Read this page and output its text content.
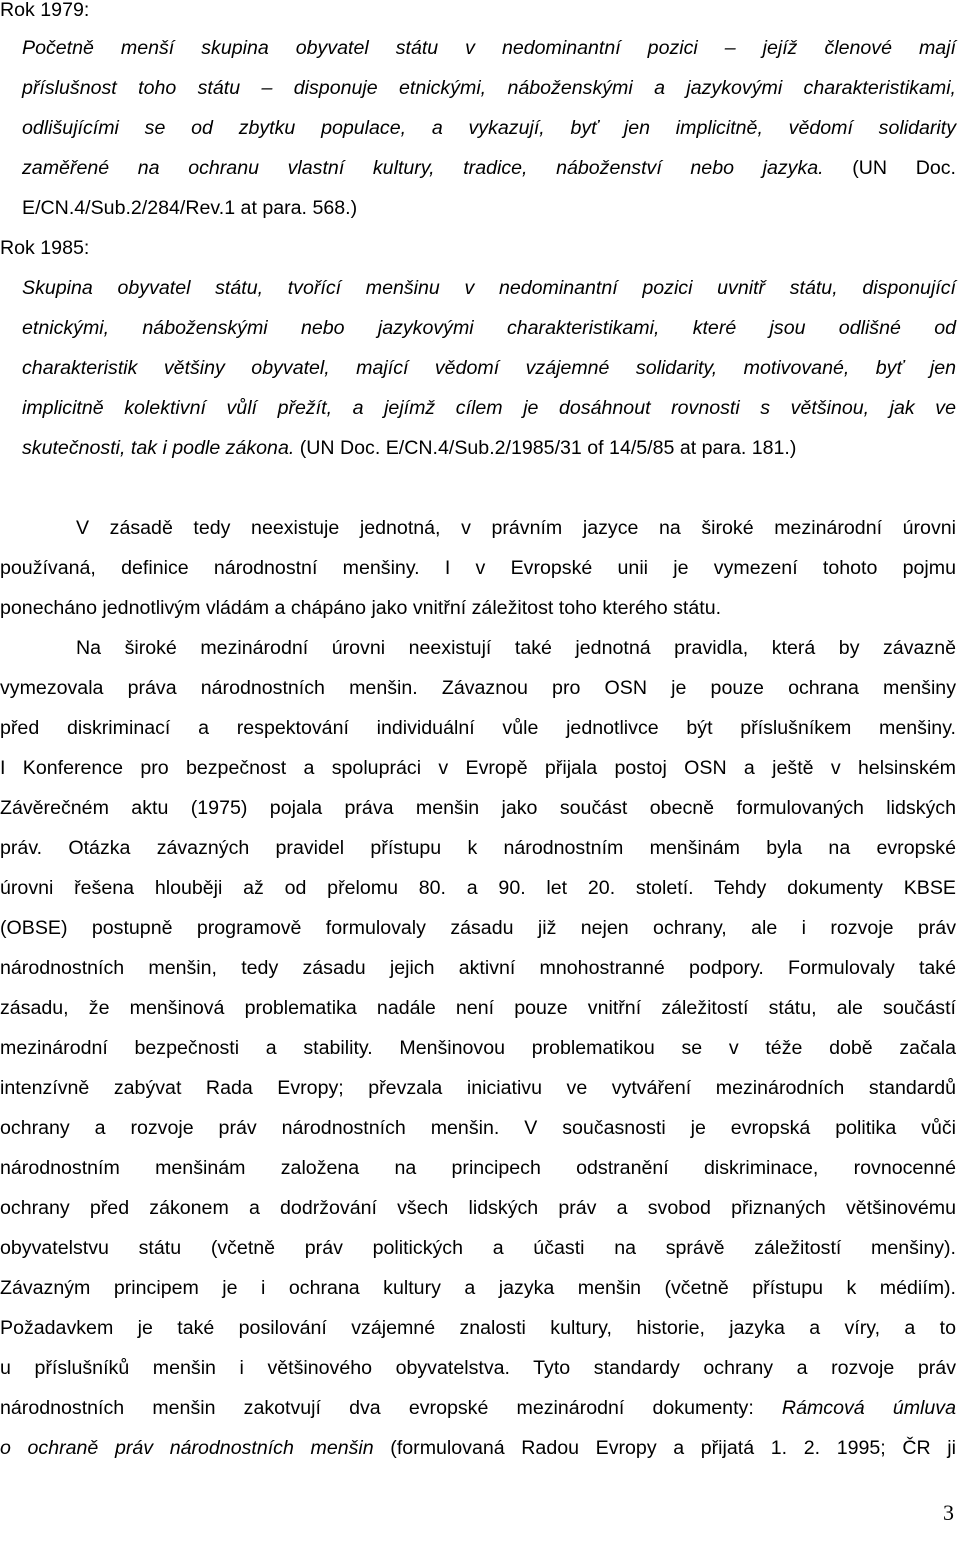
Rok 1979:
Početně menší skupina obyvatel státu v nedominantní pozici – jejíž členové mají
příslušnost toho státu – disponuje etnickými, náboženskými a jazykovými charakteristikami,
odlišujícími se od zbytku populace, a vykazují, byť jen implicitně, vědomí solidarity
zaměřené na ochranu vlastní kultury, tradice, náboženství nebo jazyka. (UN Doc.
E/CN.4/Sub.2/284/Rev.1 at para. 568.)
Rok 1985:
Skupina obyvatel státu, tvořící menšinu v nedominantní pozici uvnitř státu, disponující
etnickými, náboženskými nebo jazykovými charakteristikami, které jsou odlišné od
charakteristik většiny obyvatel, mající vědomí vzájemné solidarity, motivované, byť jen
implicitně kolektivní vůlí přežít, a jejímž cílem je dosáhnout rovnosti s většinou, jak ve
skutečnosti, tak i podle zákona. (UN Doc. E/CN.4/Sub.2/1985/31 of 14/5/85 at para. 181.)
V zásadě tedy neexistuje jednotná, v právním jazyce na široké mezinárodní úrovni
používaná, definice národnostní menšiny. I v Evropské unii je vymezení tohoto pojmu
ponecháno jednotlivým vládám a chápáno jako vnitřní záležitost toho kterého státu.
Na široké mezinárodní úrovni neexistují také jednotná pravidla, která by závazně
vymezovala práva národnostních menšin. Závaznou pro OSN je pouze ochrana menšiny
před diskriminací a respektování individuální vůle jednotlivce být příslušníkem menšiny.
I Konference pro bezpečnost a spolupráci v Evropě přijala postoj OSN a ještě v helsinském
Závěrečném aktu (1975) pojala práva menšin jako součást obecně formulovaných lidských
práv. Otázka závazných pravidel přístupu k národnostním menšinám byla na evropské
úrovni řešena hlouběji až od přelomu 80. a 90. let 20. století. Tehdy dokumenty KBSE
(OBSE) postupně programově formulovaly zásadu již nejen ochrany, ale i rozvoje práv
národnostních menšin, tedy zásadu jejich aktivní mnohostranné podpory. Formulovaly také
zásadu, že menšinová problematika nadále není pouze vnitřní záležitostí státu, ale součástí
mezinárodní bezpečnosti a stability. Menšinovou problematikou se v téže době začala
intenzívně zabývat Rada Evropy; převzala iniciativu ve vytváření mezinárodních standardů
ochrany a rozvoje práv národnostních menšin. V současnosti je evropská politika vůči
národnostním menšinám založena na principech odstranění diskriminace, rovnocenné
ochrany před zákonem a dodržování všech lidských práv a svobod přiznaných většinovému
obyvatelstvu státu (včetně práv politických a účasti na správě záležitostí menšiny).
Závazným principem je i ochrana kultury a jazyka menšin (včetně přístupu k médiím).
Požadavkem je také posilování vzájemné znalosti kultury, historie, jazyka a víry, a to
u příslušníků menšin i většinového obyvatelstva. Tyto standardy ochrany a rozvoje práv
národnostních menšin zakotvují dva evropské mezinárodní dokumenty: Rámcová úmluva
o ochraně práv národnostních menšin (formulovaná Radou Evropy a přijatá 1. 2. 1995; ČR ji
3
